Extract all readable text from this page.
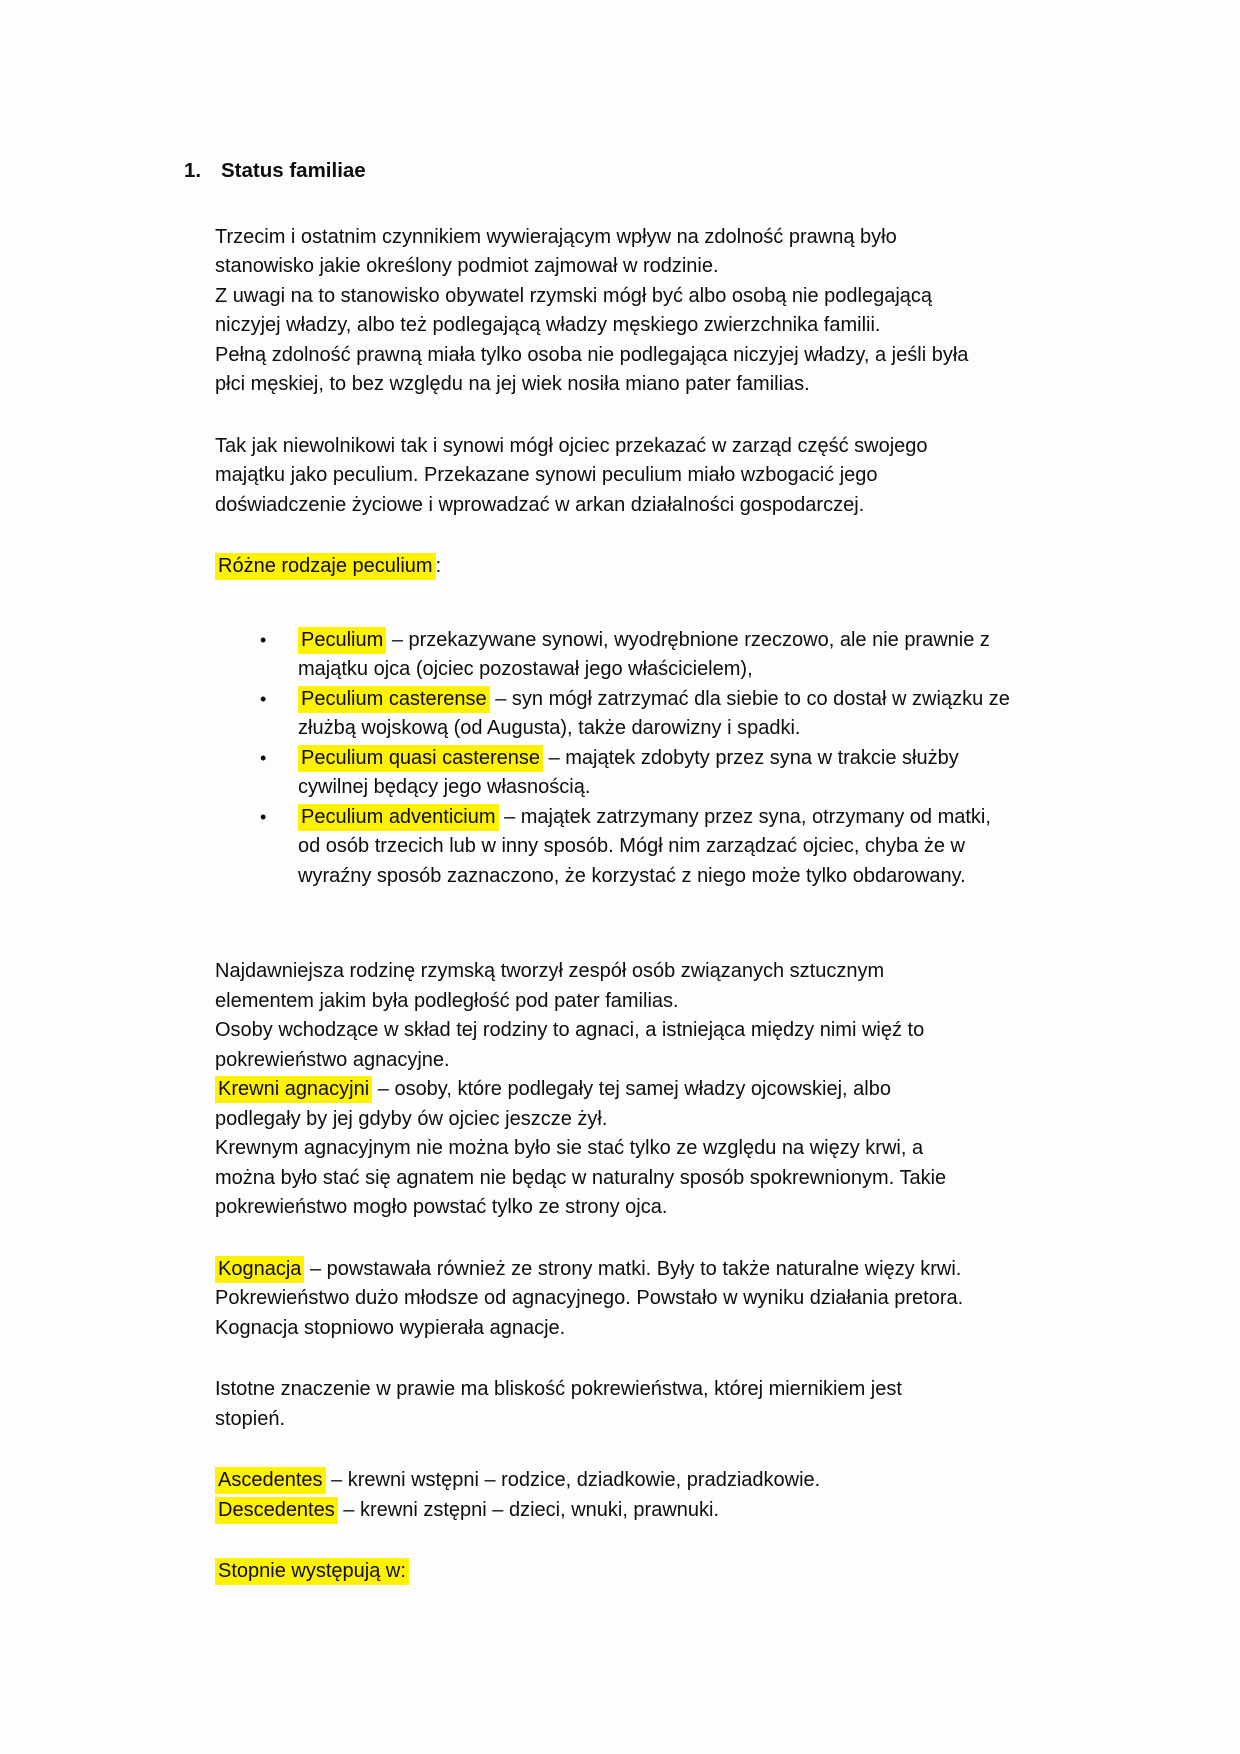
1. Status familiae
Trzecim i ostatnim czynnikiem wywierającym wpływ na zdolność prawną było
stanowisko jakie określony podmiot zajmował w rodzinie.
Z uwagi na to stanowisko obywatel rzymski mógł być albo osobą nie podlegającą
niczyjej władzy, albo też podlegającą władzy męskiego zwierzchnika familii.
Pełną zdolność prawną miała tylko osoba nie podlegająca niczyjej władzy, a jeśli była
płci męskiej, to bez względu na jej wiek nosiła miano pater familias.
Tak jak niewolnikowi tak i synowi mógł ojciec przekazać w zarząd część swojego
majątku jako peculium. Przekazane synowi peculium miało wzbogacić jego
doświadczenie życiowe i wprowadzać w arkan działalności gospodarczej.
Różne rodzaje peculium :
• Peculium – przekazywane synowi, wyodrębnione rzeczowo, ale nie prawnie z
majątku ojca (ojciec pozostawał jego właścicielem),
• Peculium casterense – syn mógł zatrzymać dla siebie to co dostał w związku ze
złużbą wojskową (od Augusta), także darowizny i spadki.
• Peculium quasi casterense – majątek zdobyty przez syna w trakcie służby
cywilnej będący jego własnością.
• Peculium adventicium – majątek zatrzymany przez syna, otrzymany od matki,
od osób trzecich lub w inny sposób. Mógł nim zarządzać ojciec, chyba że w
wyraźny sposób zaznaczono, że korzystać z niego może tylko obdarowany.
Najdawniejsza rodzinę rzymską tworzył zespół osób związanych sztucznym
elementem jakim była podległość pod pater familias.
Osoby wchodzące w skład tej rodziny to agnaci, a istniejąca między nimi więź to
pokrewieństwo agnacyjne.
Krewni agnacyjni – osoby, które podlegały tej samej władzy ojcowskiej, albo
podlegały by jej gdyby ów ojciec jeszcze żył.
Krewnym agnacyjnym nie można było sie stać tylko ze względu na więzy krwi, a
można było stać się agnatem nie będąc w naturalny sposób spokrewnionym. Takie
pokrewieństwo mogło powstać tylko ze strony ojca.
Kognacja – powstawała również ze strony matki. Były to także naturalne więzy krwi.
Pokrewieństwo dużo młodsze od agnacyjnego. Powstało w wyniku działania pretora.
Kognacja stopniowo wypierała agnacje.
Istotne znaczenie w prawie ma bliskość pokrewieństwa, której miernikiem jest
stopień.
Ascedentes – krewni wstępni – rodzice, dziadkowie, pradziadkowie.
Descedentes – krewni zstępni – dzieci, wnuki, prawnuki.
Stopnie występują w:
